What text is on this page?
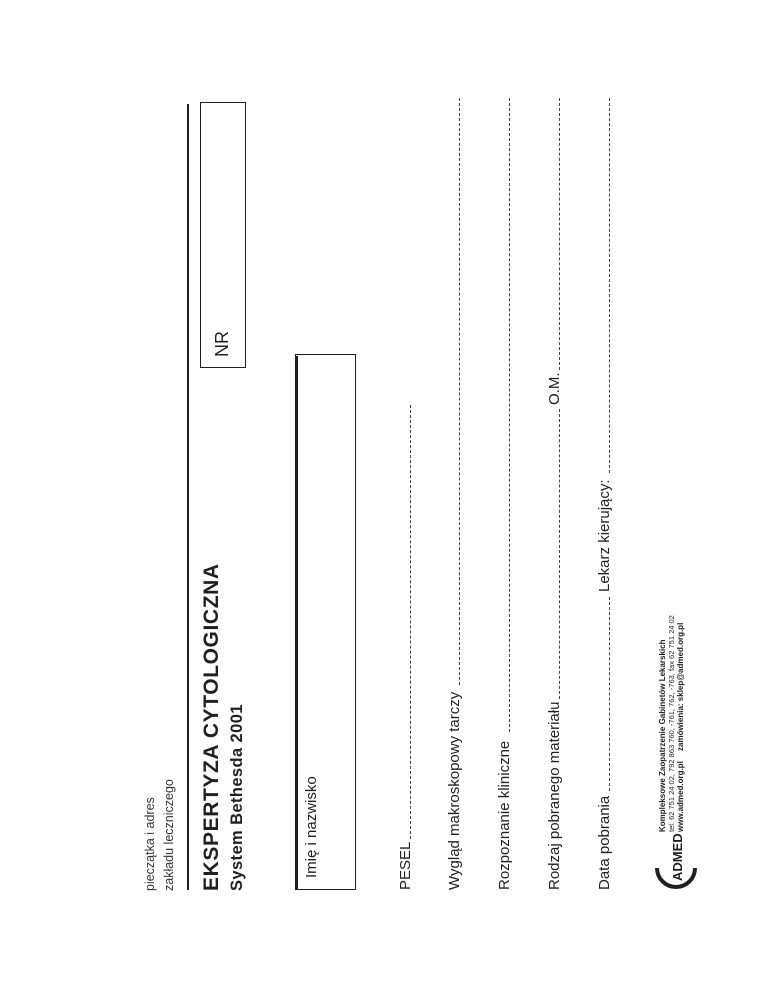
pieczątka i adres zakładu leczniczego EKSPERTYZA CYTOLOGICZNA System Bethesda 2001
NR
Imię i nazwisko	PESEL Wygląd makroskopowy tarczy Rozpoznanie kliniczne Rodzaj pobranego materiału
O.M.
Data pobrania
Lekarz kierujący:
ADMED
Kompleksowe Zaopatrzenie Gabinetów Lekarskich tel. 62 751 24 02, 792 863 760, -761, 762, -763, fax 62 751 24 02 www.admed.org.pl  zamówienia: sklep@admed.org.pl
